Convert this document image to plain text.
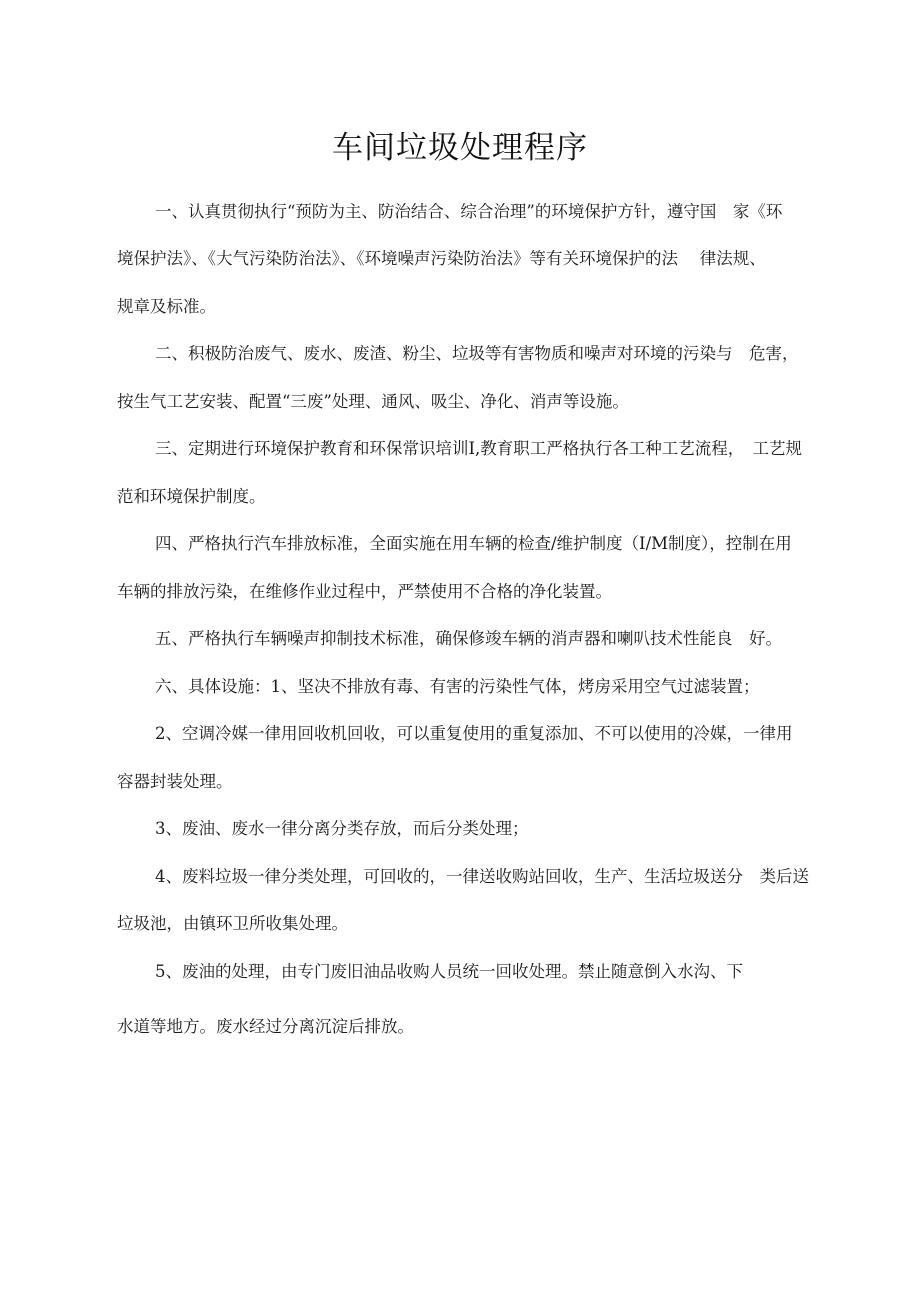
车间垃圾处理程序
一、认真贯彻执行“预防为主、防治结合、综合治理”的环境保护方针，遵守国　家《环
境保护法》、《大气污染防治法》、《环境噪声污染防治法》等有关环境保护的法　 律法规、
规章及标准。
二、积极防治废气、废水、废渣、粉尘、垃圾等有害物质和噪声对环境的污染与　危害，
按生气工艺安装、配置“三废”处理、通风、吸尘、净化、消声等设施。
三、定期进行环境保护教育和环保常识培训I,教育职工严格执行各工种工艺流程，　工艺规
范和环境保护制度。
四、严格执行汽车排放标准，全面实施在用车辆的检查/维护制度（I/M制度），控制在用
车辆的排放污染，在维修作业过程中，严禁使用不合格的净化装置。
五、严格执行车辆噪声抑制技术标准，确保修竣车辆的消声器和喇叭技术性能良　好。
六、具体设施：1、坚决不排放有毒、有害的污染性气体，烤房采用空气过滤装置；
2、空调冷媒一律用回收机回收，可以重复使用的重复添加、不可以使用的冷媒，一律用
容器封装处理。
3、废油、废水一律分离分类存放，而后分类处理；
4、废料垃圾一律分类处理，可回收的，一律送收购站回收，生产、生活垃圾送分　类后送
垃圾池，由镇环卫所收集处理。
5、废油的处理，由专门废旧油品收购人员统一回收处理。禁止随意倒入水沟、下
水道等地方。废水经过分离沉淀后排放。
